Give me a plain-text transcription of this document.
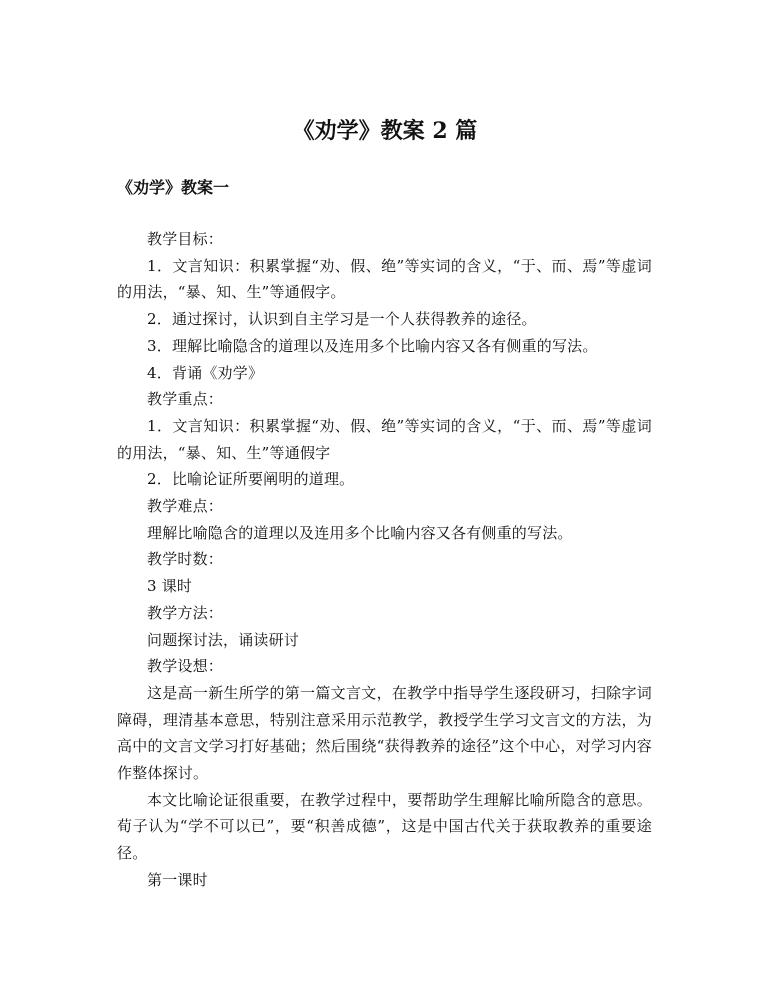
《劝学》教案 2 篇
《劝学》教案一

教学目标：

1．文言知识：积累掌握“劝、假、绝”等实词的含义，“于、而、焉”等虚词的用法，“暴、知、生”等通假字。

2．通过探讨，认识到自主学习是一个人获得教养的途径。

3．理解比喻隐含的道理以及连用多个比喻内容又各有侧重的写法。

4．背诵《劝学》

教学重点：

1．文言知识：积累掌握“劝、假、绝”等实词的含义，“于、而、焉”等虚词的用法，“暴、知、生”等通假字

2．比喻论证所要阐明的道理。

教学难点：

理解比喻隐含的道理以及连用多个比喻内容又各有侧重的写法。

教学时数：

3 课时

教学方法：

问题探讨法，诵读研讨

教学设想：

这是高一新生所学的第一篇文言文，在教学中指导学生逐段研习，扫除字词障碍，理清基本意思，特别注意采用示范教学，教授学生学习文言文的方法，为高中的文言文学习打好基础；然后围绕“获得教养的途径”这个中心，对学习内容作整体探讨。

本文比喻论证很重要，在教学过程中，要帮助学生理解比喻所隐含的意思。荀子认为“学不可以已”，要“积善成德”，这是中国古代关于获取教养的重要途径。

第一课时
